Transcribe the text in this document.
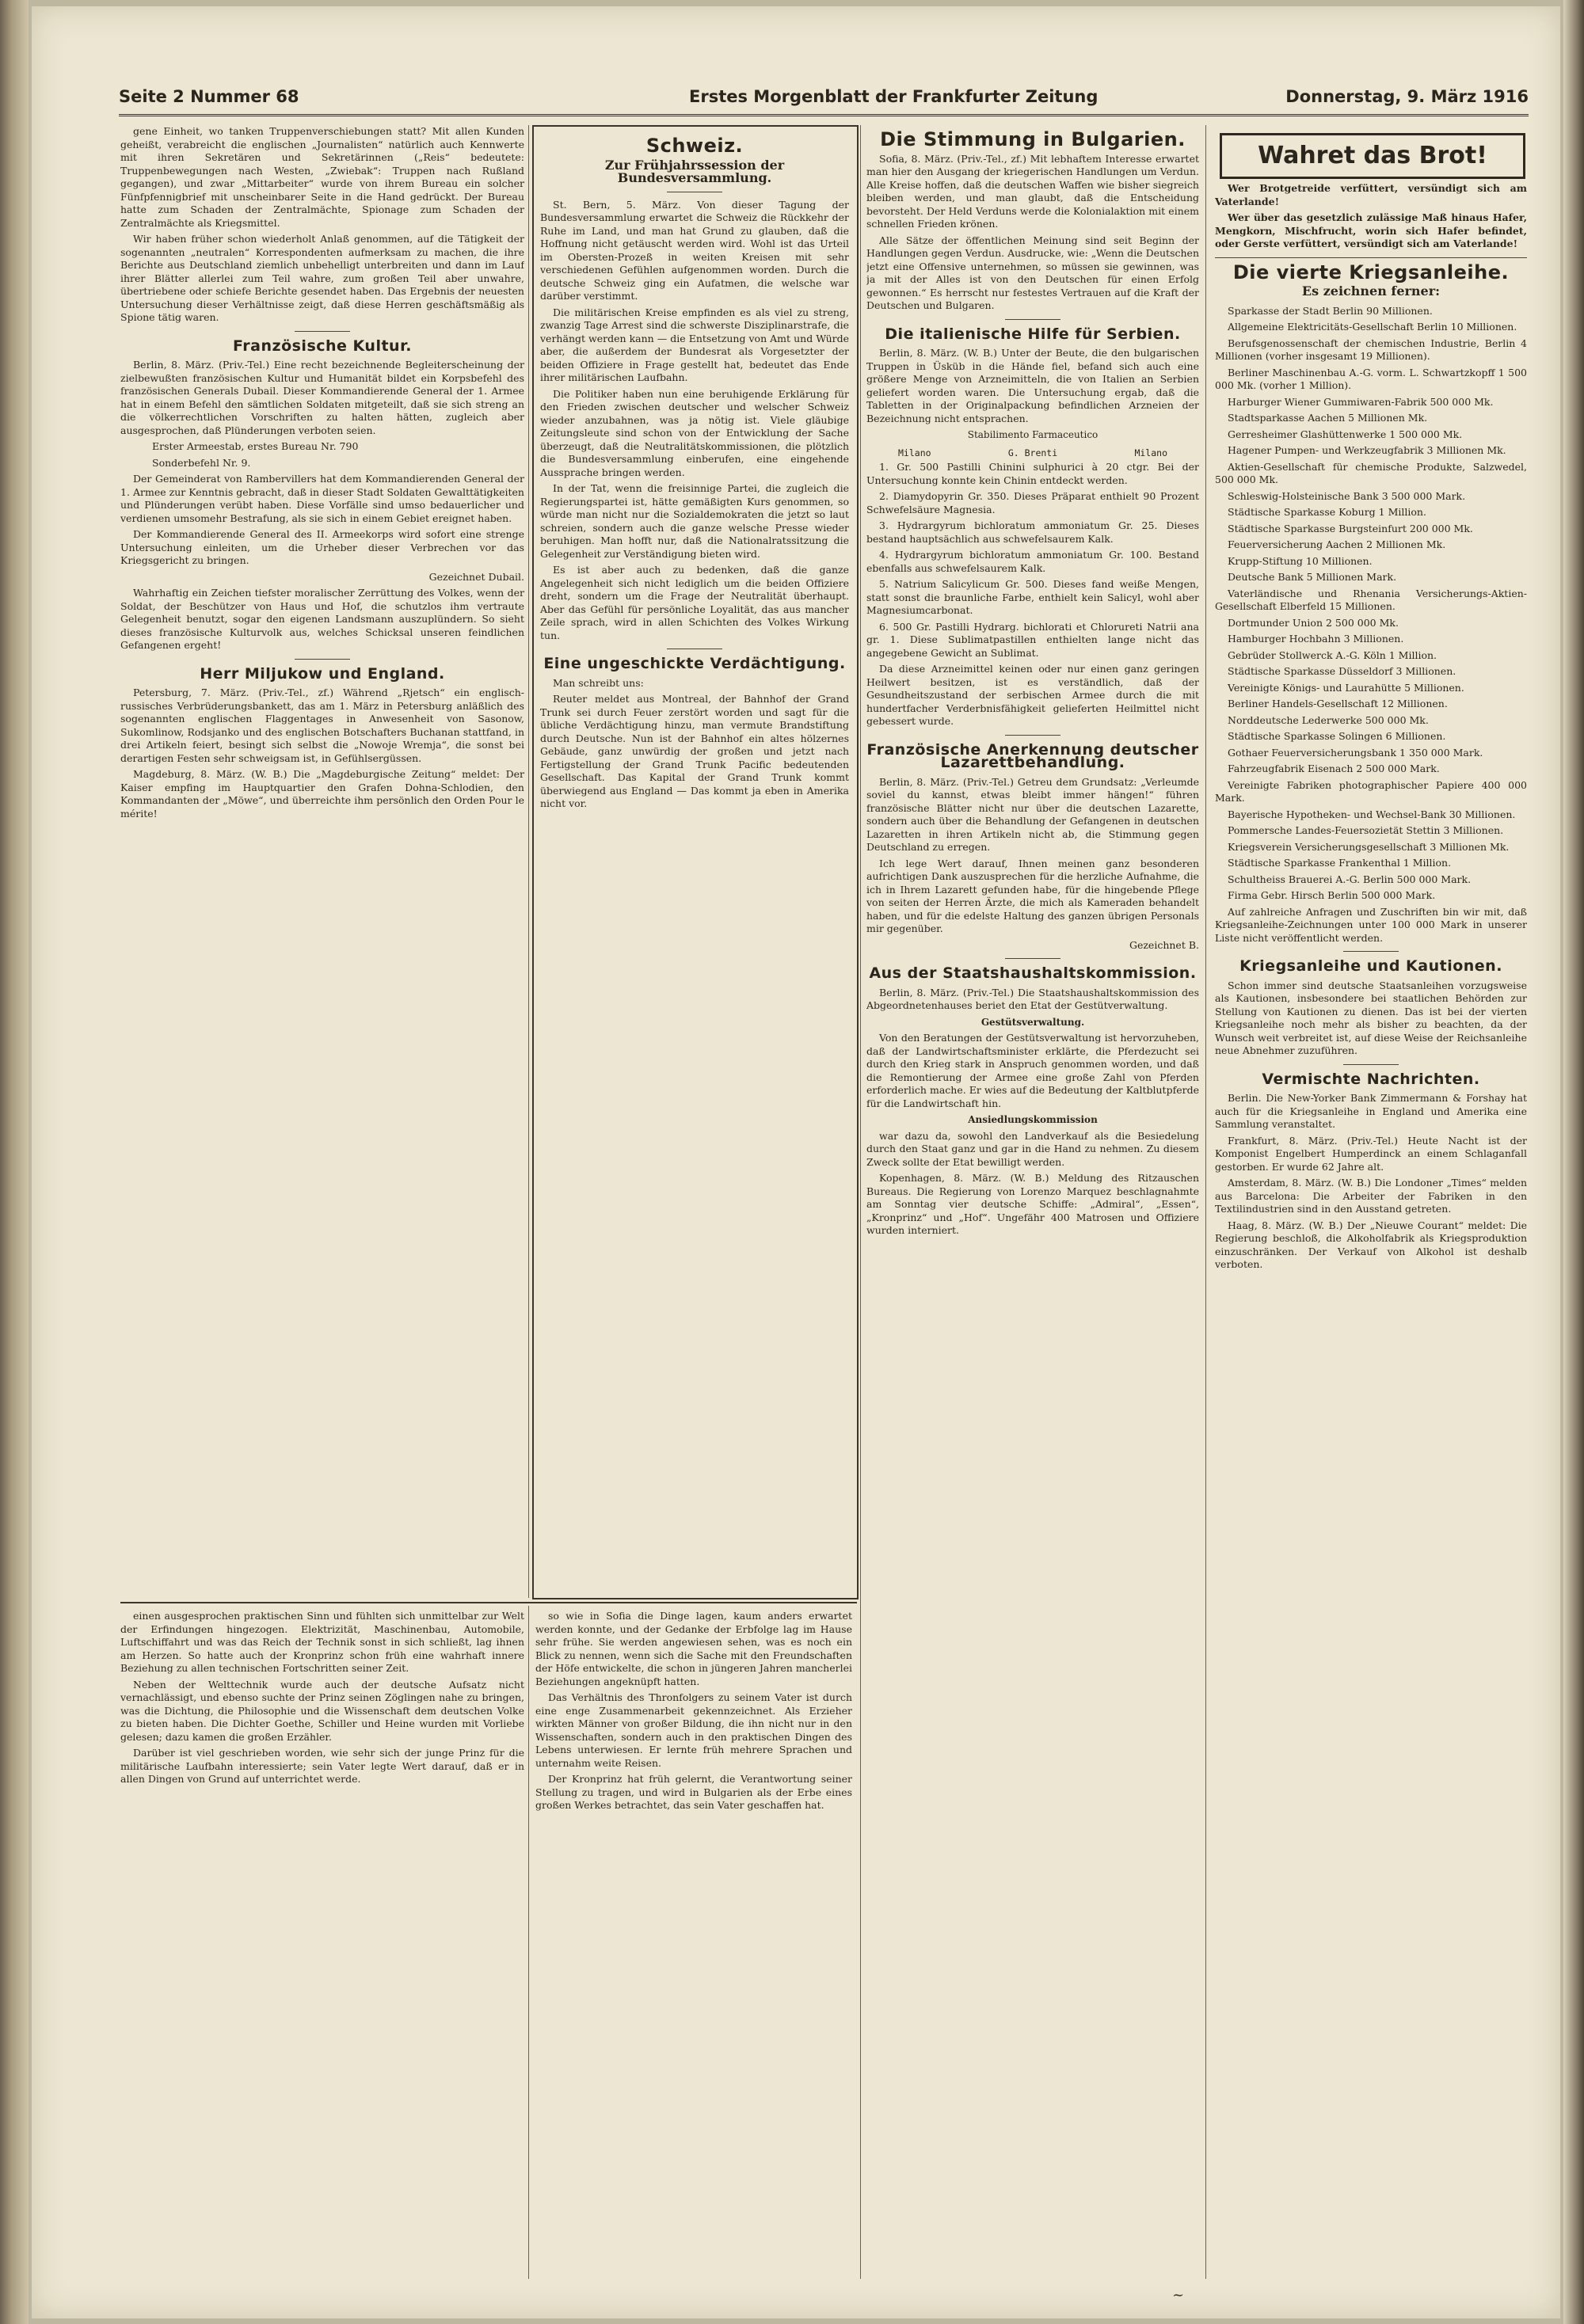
Seite 2 Nummer 68	Erstes Morgenblatt der Frankfurter Zeitung	Donnerstag, 9. März 1916

gene Einheit, wo tanken Truppenverschiebungen statt? Mit allen Kunden geheißt, verabreicht die englischen „Journalisten“ natürlich auch Kennwerte mit ihren Sekretären und Sekretärinnen („Reis“ bedeutete: Truppenbewegungen nach Westen, „Zwiebak“: Truppen nach Rußland gegangen), und zwar „Mittarbeiter“ wurde von ihrem Bureau ein solcher Fünfpfennigbrief mit unscheinbarer Seite in die Hand gedrückt. Der Bureau hatte zum Schaden der Zentralmächte, Spionage zum Schaden der Zentralmächte als Kriegsmittel.

Wir haben früher schon wiederholt Anlaß genommen, auf die Tätigkeit der sogenannten „neutralen“ Korrespondenten aufmerksam zu machen, die ihre Berichte aus Deutschland ziemlich unbehelligt unterbreiten und dann im Lauf ihrer Blätter allerlei zum Teil wahre, zum großen Teil aber unwahre, übertriebene oder schiefe Berichte gesendet haben. Das Ergebnis der neuesten Untersuchung dieser Verhältnisse zeigt, daß diese Herren geschäftsmäßig als Spione tätig waren.

Französische Kultur.

Berlin, 8. März. (Priv.-Tel.) Eine recht bezeichnende Begleiterscheinung der zielbewußten französischen Kultur und Humanität bildet ein Korpsbefehl des französischen Generals Dubail. Dieser Kommandierende General der 1. Armee hat in einem Befehl den sämtlichen Soldaten mitgeteilt, daß sie sich streng an die völkerrechtlichen Vorschriften zu halten hätten, zugleich aber ausgesprochen, daß Plünderungen verboten seien.

Erster Armeestab, erstes Bureau Nr. 790

Sonderbefehl Nr. 9.

Der Gemeinderat von Rambervillers hat dem Kommandierenden General der 1. Armee zur Kenntnis gebracht, daß in dieser Stadt Soldaten Gewalttätigkeiten und Plünderungen verübt haben. Diese Vorfälle sind umso bedauerlicher und verdienen umsomehr Bestrafung, als sie sich in einem Gebiet ereignet haben.

Der Kommandierende General des II. Armeekorps wird sofort eine strenge Untersuchung einleiten, um die Urheber dieser Verbrechen vor das Kriegsgericht zu bringen.

Gezeichnet Dubail.

Wahrhaftig ein Zeichen tiefster moralischer Zerrüttung des Volkes, wenn der Soldat, der Beschützer von Haus und Hof, die schutzlos ihm vertraute Gelegenheit benutzt, sogar den eigenen Landsmann auszuplündern. So sieht dieses französische Kulturvolk aus, welches Schicksal unseren feindlichen Gefangenen ergeht!

Herr Miljukow und England.

Petersburg, 7. März. (Priv.-Tel., zf.) Während „Rjetsch“ ein englisch-russisches Verbrüderungsbankett, das am 1. März in Petersburg anläßlich des sogenannten englischen Flaggentages in Anwesenheit von Sasonow, Sukomlinow, Rodsjanko und des englischen Botschafters Buchanan stattfand, in drei Artikeln feiert, besingt sich selbst die „Nowoje Wremja“, die sonst bei derartigen Festen sehr schweigsam ist, in Gefühlsergüssen.

Magdeburg, 8. März. (W. B.) Die „Magdeburgische Zeitung“ meldet: Der Kaiser empfing im Hauptquartier den Grafen Dohna-Schlodien, den Kommandanten der „Möwe“, und überreichte ihm persönlich den Orden Pour le mérite!

Schweiz.
Zur Frühjahrssession der Bundesversammlung.

St. Bern, 5. März. Von dieser Tagung der Bundesversammlung erwartet die Schweiz die Rückkehr der Ruhe im Land, und man hat Grund zu glauben, daß die Hoffnung nicht getäuscht werden wird. Wohl ist das Urteil im Obersten-Prozeß in weiten Kreisen mit sehr verschiedenen Gefühlen aufgenommen worden. Durch die deutsche Schweiz ging ein Aufatmen, die welsche war darüber verstimmt.

Die militärischen Kreise empfinden es als viel zu streng, zwanzig Tage Arrest sind die schwerste Disziplinarstrafe, die verhängt werden kann — die Entsetzung von Amt und Würde aber, die außerdem der Bundesrat als Vorgesetzter der beiden Offiziere in Frage gestellt hat, bedeutet das Ende ihrer militärischen Laufbahn.

Die Politiker haben nun eine beruhigende Erklärung für den Frieden zwischen deutscher und welscher Schweiz wieder anzubahnen, was ja nötig ist. Viele gläubige Zeitungsleute sind schon von der Entwicklung der Sache überzeugt, daß die Neutralitätskommissionen, die plötzlich die Bundesversammlung einberufen, eine eingehende Aussprache bringen werden.

In der Tat, wenn die freisinnige Partei, die zugleich die Regierungspartei ist, hätte gemäßigten Kurs genommen, so würde man nicht nur die Sozialdemokraten die jetzt so laut schreien, sondern auch die ganze welsche Presse wieder beruhigen. Man hofft nur, daß die Nationalratssitzung die Gelegenheit zur Verständigung bieten wird.

Es ist aber auch zu bedenken, daß die ganze Angelegenheit sich nicht lediglich um die beiden Offiziere dreht, sondern um die Frage der Neutralität überhaupt. Aber das Gefühl für persönliche Loyalität, das aus mancher Zeile sprach, wird in allen Schichten des Volkes Wirkung tun.

Eine ungeschickte Verdächtigung.

Man schreibt uns:

Reuter meldet aus Montreal, der Bahnhof der Grand Trunk sei durch Feuer zerstört worden und sagt für die übliche Verdächtigung hinzu, man vermute Brandstiftung durch Deutsche. Nun ist der Bahnhof ein altes hölzernes Gebäude, ganz unwürdig der großen und jetzt nach Fertigstellung der Grand Trunk Pacific bedeutenden Gesellschaft. Das Kapital der Grand Trunk kommt überwiegend aus England — Das kommt ja eben in Amerika nicht vor.

Die Stimmung in Bulgarien.

Sofia, 8. März. (Priv.-Tel., zf.) Mit lebhaftem Interesse erwartet man hier den Ausgang der kriegerischen Handlungen um Verdun. Alle Kreise hoffen, daß die deutschen Waffen wie bisher siegreich bleiben werden, und man glaubt, daß die Entscheidung bevorsteht. Der Held Verduns werde die Kolonialaktion mit einem schnellen Frieden krönen.

Alle Sätze der öffentlichen Meinung sind seit Beginn der Handlungen gegen Verdun. Ausdrucke, wie: „Wenn die Deutschen jetzt eine Offensive unternehmen, so müssen sie gewinnen, was ja mit der Alles ist von den Deutschen für einen Erfolg gewonnen.“ Es herrscht nur festestes Vertrauen auf die Kraft der Deutschen und Bulgaren.

Die italienische Hilfe für Serbien.

Berlin, 8. März. (W. B.) Unter der Beute, die den bulgarischen Truppen in Üsküb in die Hände fiel, befand sich auch eine größere Menge von Arzneimitteln, die von Italien an Serbien geliefert worden waren. Die Untersuchung ergab, daß die Tabletten in der Originalpackung befindlichen Arzneien der Bezeichnung nicht entsprachen.

Stabilimento Farmaceutico
Milano	G. Brenti	Milano

1. Gr. 500 Pastilli Chinini sulphurici à 20 ctgr. Bei der Untersuchung konnte kein Chinin entdeckt werden.

2. Diamydopyrin Gr. 350. Dieses Präparat enthielt 90 Prozent Schwefelsäure Magnesia.

3. Hydrargyrum bichloratum ammoniatum Gr. 25. Dieses bestand hauptsächlich aus schwefelsaurem Kalk.

4. Hydrargyrum bichloratum ammoniatum Gr. 100. Bestand ebenfalls aus schwefelsaurem Kalk.

5. Natrium Salicylicum Gr. 500. Dieses fand weiße Mengen, statt sonst die braunliche Farbe, enthielt kein Salicyl, wohl aber Magnesiumcarbonat.

6. 500 Gr. Pastilli Hydrarg. bichlorati et Chlorureti Natrii ana gr. 1. Diese Sublimatpastillen enthielten lange nicht das angegebene Gewicht an Sublimat.

Da diese Arzneimittel keinen oder nur einen ganz geringen Heilwert besitzen, ist es verständlich, daß der Gesundheitszustand der serbischen Armee durch die mit hundertfacher Verderbnisfähigkeit gelieferten Heilmittel nicht gebessert wurde.

Französische Anerkennung deutscher Lazarettbehandlung.

Berlin, 8. März. (Priv.-Tel.) Getreu dem Grundsatz: „Verleumde soviel du kannst, etwas bleibt immer hängen!“ führen französische Blätter nicht nur über die deutschen Lazarette, sondern auch über die Behandlung der Gefangenen in deutschen Lazaretten in ihren Artikeln nicht ab, die Stimmung gegen Deutschland zu erregen.

Ich lege Wert darauf, Ihnen meinen ganz besonderen aufrichtigen Dank auszusprechen für die herzliche Aufnahme, die ich in Ihrem Lazarett gefunden habe, für die hingebende Pflege von seiten der Herren Ärzte, die mich als Kameraden behandelt haben, und für die edelste Haltung des ganzen übrigen Personals mir gegenüber.

Gezeichnet B.

Aus der Staatshaushaltskommission.

Berlin, 8. März. (Priv.-Tel.) Die Staatshaushaltskommission des Abgeordnetenhauses beriet den Etat der Gestütverwaltung.

Gestütsverwaltung.

Von den Beratungen der Gestütsverwaltung ist hervorzuheben, daß der Landwirtschaftsminister erklärte, die Pferdezucht sei durch den Krieg stark in Anspruch genommen worden, und daß die Remontierung der Armee eine große Zahl von Pferden erforderlich mache. Er wies auf die Bedeutung der Kaltblutpferde für die Landwirtschaft hin.

Ansiedlungskommission

war dazu da, sowohl den Landverkauf als die Besiedelung durch den Staat ganz und gar in die Hand zu nehmen. Zu diesem Zweck sollte der Etat bewilligt werden.

Kopenhagen, 8. März. (W. B.) Meldung des Ritzauschen Bureaus. Die Regierung von Lorenzo Marquez beschlagnahmte am Sonntag vier deutsche Schiffe: „Admiral“, „Essen“, „Kronprinz“ und „Hof“. Ungefähr 400 Matrosen und Offiziere wurden interniert.

Wahret das Brot!

Wer Brotgetreide verfüttert, versündigt sich am Vaterlande!

Wer über das gesetzlich zulässige Maß hinaus Hafer, Mengkorn, Mischfrucht, worin sich Hafer befindet, oder Gerste verfüttert, versündigt sich am Vaterlande!

Die vierte Kriegsanleihe.
Es zeichnen ferner:

Sparkasse der Stadt Berlin 90 Millionen.

Allgemeine Elektricitäts-Gesellschaft Berlin 10 Millionen.

Berufsgenossenschaft der chemischen Industrie, Berlin 4 Millionen (vorher insgesamt 19 Millionen).

Berliner Maschinenbau A.-G. vorm. L. Schwartzkopff 1 500 000 Mk. (vorher 1 Million).

Harburger Wiener Gummiwaren-Fabrik 500 000 Mk.

Stadtsparkasse Aachen 5 Millionen Mk.

Gerresheimer Glashüttenwerke 1 500 000 Mk.

Hagener Pumpen- und Werkzeugfabrik 3 Millionen Mk.

Aktien-Gesellschaft für chemische Produkte, Salzwedel, 500 000 Mk.

Schleswig-Holsteinische Bank 3 500 000 Mark.

Städtische Sparkasse Koburg 1 Million.

Städtische Sparkasse Burgsteinfurt 200 000 Mk.

Feuerversicherung Aachen 2 Millionen Mk.

Krupp-Stiftung 10 Millionen.

Deutsche Bank 5 Millionen Mark.

Vaterländische und Rhenania Versicherungs-Aktien-Gesellschaft Elberfeld 15 Millionen.

Dortmunder Union 2 500 000 Mk.

Hamburger Hochbahn 3 Millionen.

Gebrüder Stollwerck A.-G. Köln 1 Million.

Städtische Sparkasse Düsseldorf 3 Millionen.

Vereinigte Königs- und Laurahütte 5 Millionen.

Berliner Handels-Gesellschaft 12 Millionen.

Norddeutsche Lederwerke 500 000 Mk.

Städtische Sparkasse Solingen 6 Millionen.

Gothaer Feuerversicherungsbank 1 350 000 Mark.

Fahrzeugfabrik Eisenach 2 500 000 Mark.

Vereinigte Fabriken photographischer Papiere 400 000 Mark.

Bayerische Hypotheken- und Wechsel-Bank 30 Millionen.

Pommersche Landes-Feuersozietät Stettin 3 Millionen.

Kriegsverein Versicherungsgesellschaft 3 Millionen Mk.

Städtische Sparkasse Frankenthal 1 Million.

Schultheiss Brauerei A.-G. Berlin 500 000 Mark.

Firma Gebr. Hirsch Berlin 500 000 Mark.

Auf zahlreiche Anfragen und Zuschriften bin wir mit, daß Kriegsanleihe-Zeichnungen unter 100 000 Mark in unserer Liste nicht veröffentlicht werden.

Kriegsanleihe und Kautionen.

Schon immer sind deutsche Staatsanleihen vorzugsweise als Kautionen, insbesondere bei staatlichen Behörden zur Stellung von Kautionen zu dienen. Das ist bei der vierten Kriegsanleihe noch mehr als bisher zu beachten, da der Wunsch weit verbreitet ist, auf diese Weise der Reichsanleihe neue Abnehmer zuzuführen.

Vermischte Nachrichten.

Berlin. Die New-Yorker Bank Zimmermann & Forshay hat auch für die Kriegsanleihe in England und Amerika eine Sammlung veranstaltet.

Frankfurt, 8. März. (Priv.-Tel.) Heute Nacht ist der Komponist Engelbert Humperdinck an einem Schlaganfall gestorben. Er wurde 62 Jahre alt.

Amsterdam, 8. März. (W. B.) Die Londoner „Times“ melden aus Barcelona: Die Arbeiter der Fabriken in den Textilindustrien sind in den Ausstand getreten.

Haag, 8. März. (W. B.) Der „Nieuwe Courant“ meldet: Die Regierung beschloß, die Alkoholfabrik als Kriegsproduktion einzuschränken. Der Verkauf von Alkohol ist deshalb verboten.

einen ausgesprochen praktischen Sinn und fühlten sich unmittelbar zur Welt der Erfindungen hingezogen. Elektrizität, Maschinenbau, Automobile, Luftschiffahrt und was das Reich der Technik sonst in sich schließt, lag ihnen am Herzen. So hatte auch der Kronprinz schon früh eine wahrhaft innere Beziehung zu allen technischen Fortschritten seiner Zeit.

Neben der Welttechnik wurde auch der deutsche Aufsatz nicht vernachlässigt, und ebenso suchte der Prinz seinen Zöglingen nahe zu bringen, was die Dichtung, die Philosophie und die Wissenschaft dem deutschen Volke zu bieten haben. Die Dichter Goethe, Schiller und Heine wurden mit Vorliebe gelesen; dazu kamen die großen Erzähler.

Darüber ist viel geschrieben worden, wie sehr sich der junge Prinz für die militärische Laufbahn interessierte; sein Vater legte Wert darauf, daß er in allen Dingen von Grund auf unterrichtet werde.

so wie in Sofia die Dinge lagen, kaum anders erwartet werden konnte, und der Gedanke der Erbfolge lag im Hause sehr frühe. Sie werden angewiesen sehen, was es noch ein Blick zu nennen, wenn sich die Sache mit den Freundschaften der Höfe entwickelte, die schon in jüngeren Jahren mancherlei Beziehungen angeknüpft hatten.

Das Verhältnis des Thronfolgers zu seinem Vater ist durch eine enge Zusammenarbeit gekennzeichnet. Als Erzieher wirkten Männer von großer Bildung, die ihn nicht nur in den Wissenschaften, sondern auch in den praktischen Dingen des Lebens unterwiesen. Er lernte früh mehrere Sprachen und unternahm weite Reisen.

Der Kronprinz hat früh gelernt, die Verantwortung seiner Stellung zu tragen, und wird in Bulgarien als der Erbe eines großen Werkes betrachtet, das sein Vater geschaffen hat.

~
